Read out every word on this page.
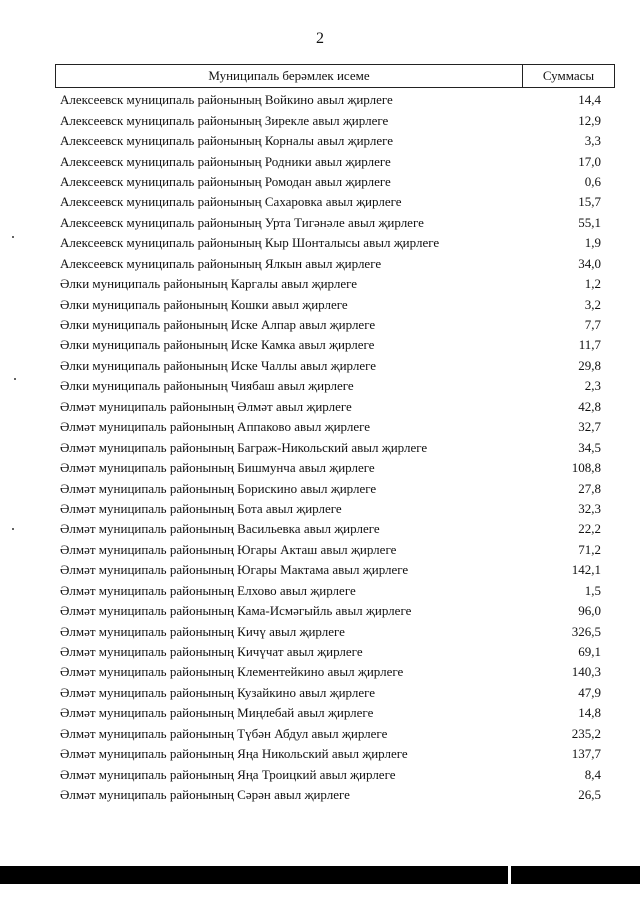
2
Муниципаль берәмлек исеме	Суммасы
Алексеевск муниципаль районының Войкино авыл җирлеге	14,4
Алексеевск муниципаль районының Зирекле авыл җирлеге	12,9
Алексеевск муниципаль районының Корналы авыл җирлеге	3,3
Алексеевск муниципаль районының Родники авыл җирлеге	17,0
Алексеевск муниципаль районының Ромодан авыл җирлеге	0,6
Алексеевск муниципаль районының Сахаровка авыл җирлеге	15,7
Алексеевск муниципаль районының Урта Тигәнәле авыл җирлеге	55,1
Алексеевск муниципаль районының Кыр Шонталысы авыл җирлеге	1,9
Алексеевск муниципаль районының Ялкын авыл җирлеге	34,0
Әлки муниципаль районының Каргалы авыл җирлеге	1,2
Әлки муниципаль районының Кошки авыл җирлеге	3,2
Әлки муниципаль районының Иске Алпар авыл җирлеге	7,7
Әлки муниципаль районының Иске Камка авыл җирлеге	11,7
Әлки муниципаль районының Иске Чаллы авыл җирлеге	29,8
Әлки муниципаль районының Чиябаш авыл җирлеге	2,3
Әлмәт муниципаль районының Әлмәт авыл җирлеге	42,8
Әлмәт муниципаль районының Аппаково авыл җирлеге	32,7
Әлмәт муниципаль районының Баграж-Никольский авыл җирлеге	34,5
Әлмәт муниципаль районының Бишмунча авыл җирлеге	108,8
Әлмәт муниципаль районының Борискино авыл җирлеге	27,8
Әлмәт муниципаль районының Бота авыл җирлеге	32,3
Әлмәт муниципаль районының Васильевка авыл җирлеге	22,2
Әлмәт муниципаль районының Югары Акташ авыл җирлеге	71,2
Әлмәт муниципаль районының Югары Мактама авыл җирлеге	142,1
Әлмәт муниципаль районының Елхово авыл җирлеге	1,5
Әлмәт муниципаль районының Кама-Исмәгыйль авыл җирлеге	96,0
Әлмәт муниципаль районының Кичү авыл җирлеге	326,5
Әлмәт муниципаль районының Кичүчат авыл җирлеге	69,1
Әлмәт муниципаль районының Клементейкино авыл җирлеге	140,3
Әлмәт муниципаль районының Кузайкино авыл җирлеге	47,9
Әлмәт муниципаль районының Миңлебай авыл җирлеге	14,8
Әлмәт муниципаль районының Түбән Абдул авыл җирлеге	235,2
Әлмәт муниципаль районының Яңа Никольский авыл җирлеге	137,7
Әлмәт муниципаль районының Яңа Троицкий авыл җирлеге	8,4
Әлмәт муниципаль районының Сәрән авыл җирлеге	26,5
